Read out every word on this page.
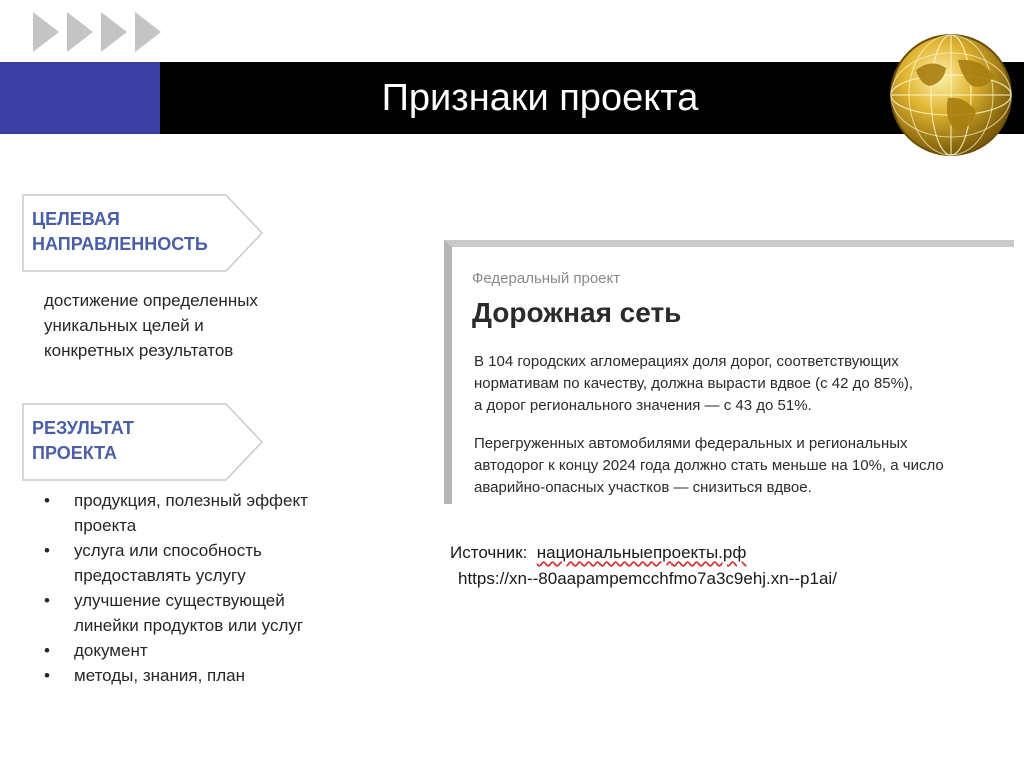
Признаки проекта
ЦЕЛЕВАЯ
НАПРАВЛЕННОСТЬ
достижение определенных
уникальных целей и
конкретных результатов
РЕЗУЛЬТАТ
ПРОЕКТА
• продукция, полезный эффект
проекта
• услуга или способность
предоставлять услугу
• улучшение существующей
линейки продуктов или услуг
• документ
• методы, знания, план
Федеральный проект
Дорожная сеть
В 104 городских агломерациях доля дорог, соответствующих
нормативам по качеству, должна вырасти вдвое (с 42 до 85%),
а дорог регионального значения — с 43 до 51%.
Перегруженных автомобилями федеральных и региональных
автодорог к концу 2024 года должно стать меньше на 10%, а число
аварийно-опасных участков — снизиться вдвое.
Источник: национальныепроекты.рф
https://xn--80aapampemcchfmo7a3c9ehj.xn--p1ai/
